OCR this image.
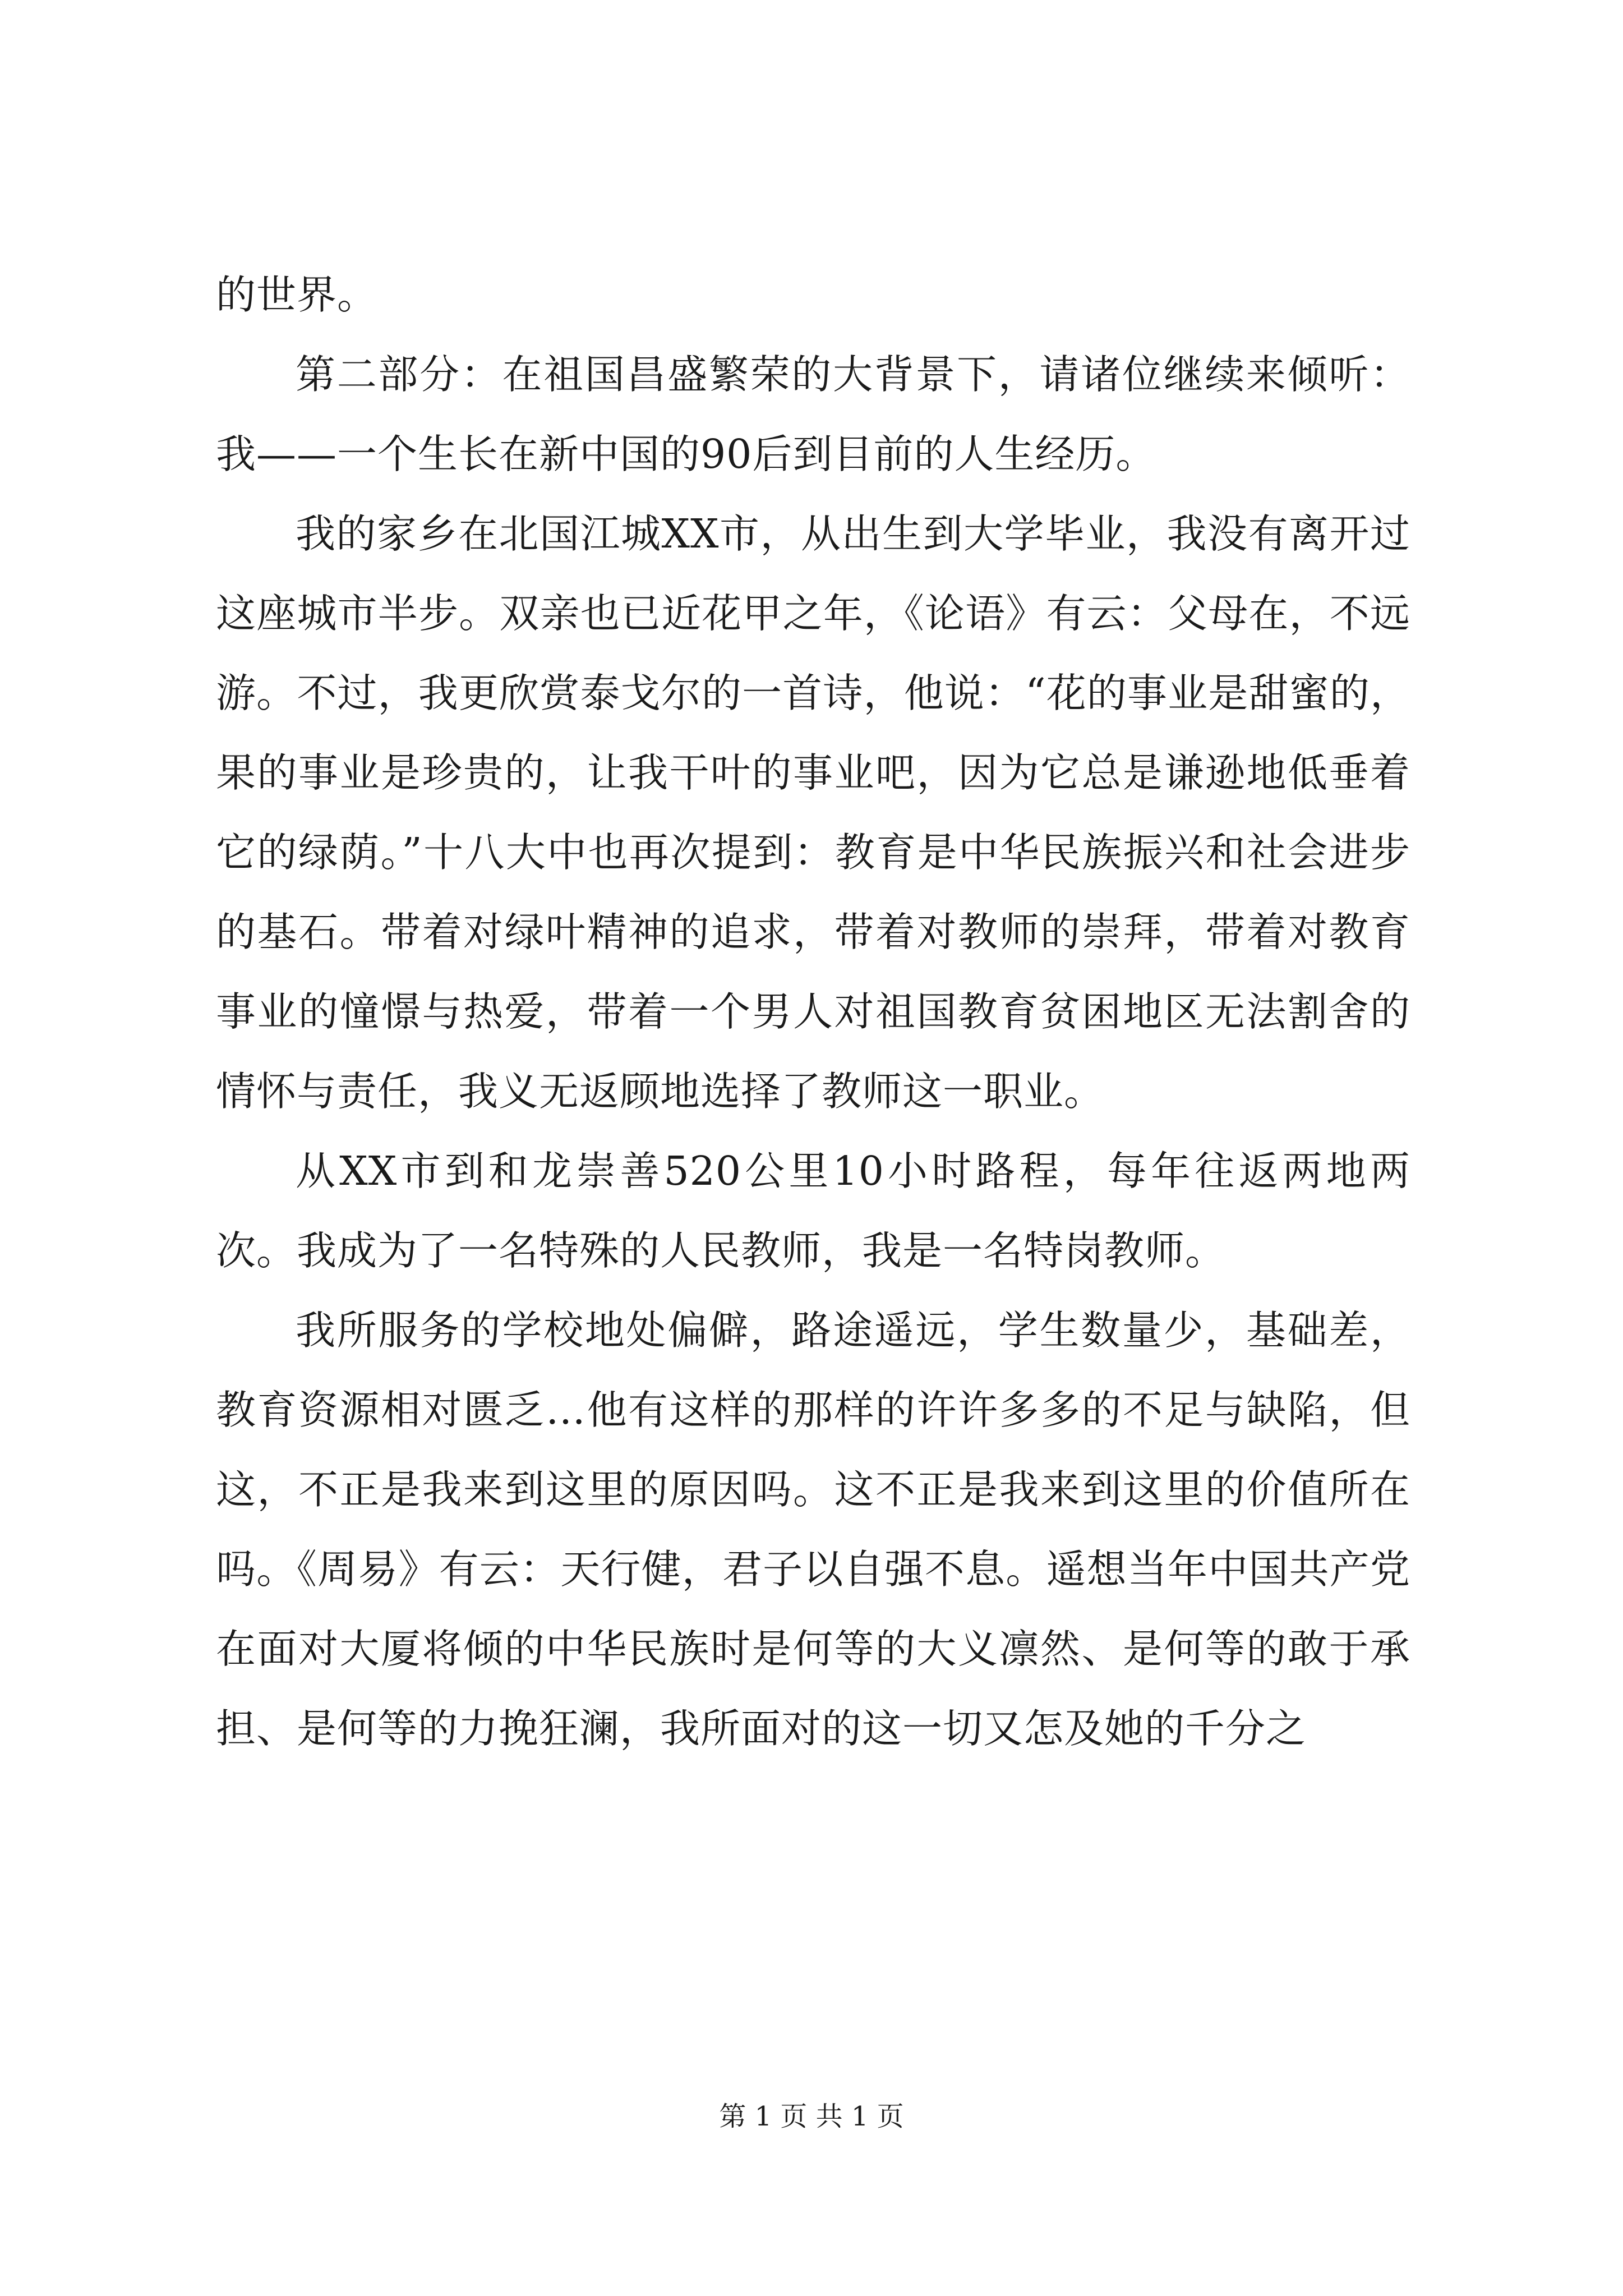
的世界。

第二部分：在祖国昌盛繁荣的大背景下，请诸位继续来倾听：我——一个生长在新中国的90后到目前的人生经历。

我的家乡在北国江城XX市，从出生到大学毕业，我没有离开过这座城市半步。双亲也已近花甲之年，《论语》有云：父母在，不远游。不过，我更欣赏泰戈尔的一首诗，他说：“花的事业是甜蜜的，果的事业是珍贵的，让我干叶的事业吧，因为它总是谦逊地低垂着它的绿荫。”十八大中也再次提到：教育是中华民族振兴和社会进步的基石。带着对绿叶精神的追求，带着对教师的崇拜，带着对教育事业的憧憬与热爱，带着一个男人对祖国教育贫困地区无法割舍的情怀与责任，我义无返顾地选择了教师这一职业。

从XX市到和龙崇善520公里10小时路程，每年往返两地两次。我成为了一名特殊的人民教师，我是一名特岗教师。

我所服务的学校地处偏僻，路途遥远，学生数量少，基础差，教育资源相对匮乏…他有这样的那样的许许多多的不足与缺陷，但这，不正是我来到这里的原因吗。这不正是我来到这里的价值所在吗。《周易》有云：天行健，君子以自强不息。遥想当年中国共产党在面对大厦将倾的中华民族时是何等的大义凛然、是何等的敢于承担、是何等的力挽狂澜，我所面对的这一切又怎及她的千分之

第 1 页 共 1 页
